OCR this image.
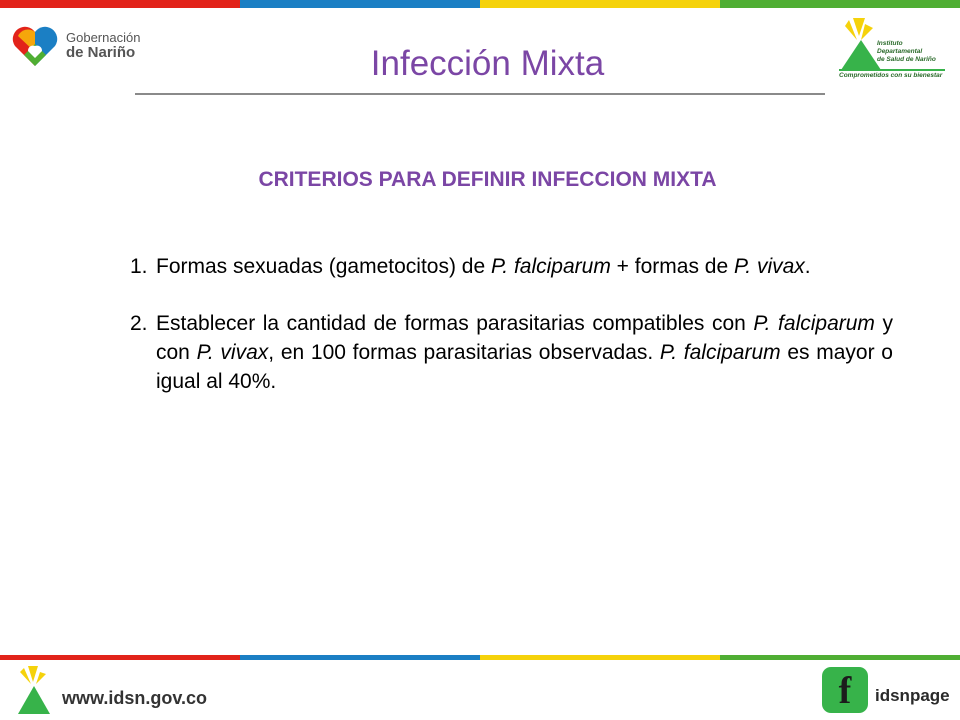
Gobernación
de Nariño
Instituto
Departamental
de Salud de Nariño
Comprometidos con su bienestar
Infección Mixta
CRITERIOS PARA DEFINIR INFECCION MIXTA
1. Formas sexuadas (gametocitos) de P. falciparum + formas de P. vivax.
2. Establecer la cantidad de formas parasitarias compatibles con P. falciparum y con P. vivax, en 100 formas parasitarias observadas. P. falciparum es mayor o igual al 40%.
www.idsn.gov.co	f	idsnpage
